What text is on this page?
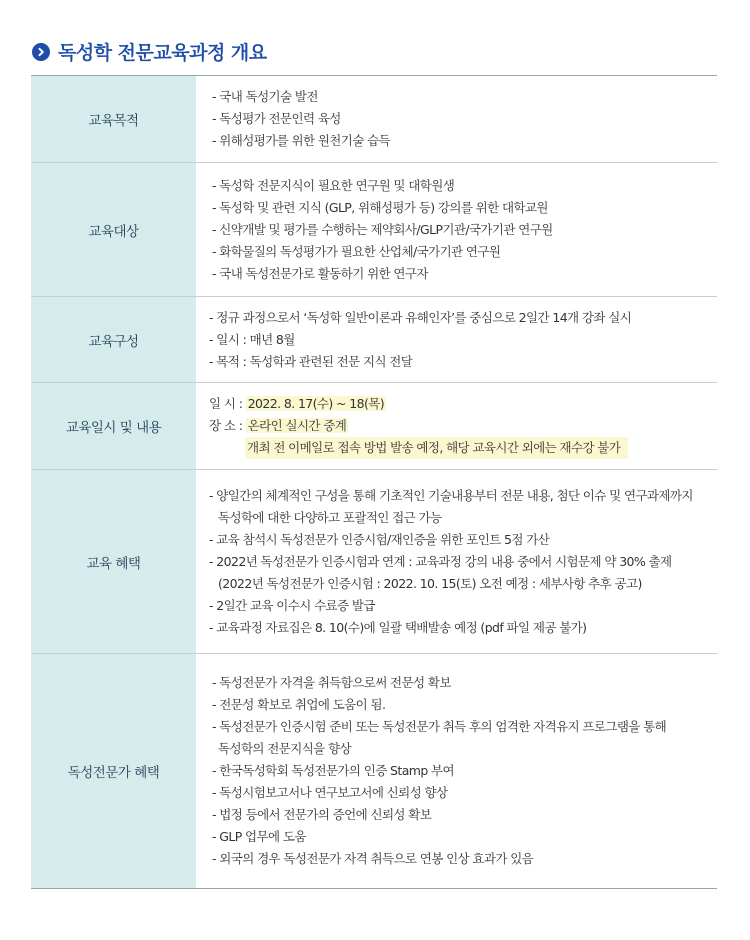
독성학 전문교육과정 개요
교육목적
- 국내 독성기술 발전
- 독성평가 전문인력 육성
- 위해성평가를 위한 원천기술 습득
교육대상
- 독성학 전문지식이 필요한 연구원 및 대학원생
- 독성학 및 관련 지식 (GLP, 위해성평가 등) 강의를 위한 대학교원
- 신약개발 및 평가를 수행하는 제약회사/GLP기관/국가기관 연구원
- 화학물질의 독성평가가 필요한 산업체/국가기관 연구원
- 국내 독성전문가로 활동하기 위한 연구자
교육구성
- 정규 과정으로서 ‘독성학 일반이론과 유해인자’를 중심으로 2일간 14개 강좌 실시
- 일시 : 매년 8월
- 목적 : 독성학과 관련된 전문 지식 전달
교육일시 및 내용
일 시 : 2022. 8. 17(수) ~ 18(목)
장 소 : 온라인 실시간 중계
개최 전 이메일로 접속 방법 발송 예정, 해당 교육시간 외에는 재수강 불가
교육 혜택
- 양일간의 체계적인 구성을 통해 기초적인 기술내용부터 전문 내용, 첨단 이슈 및 연구과제까지
독성학에 대한 다양하고 포괄적인 접근 가능
- 교육 참석시 독성전문가 인증시험/재인증을 위한 포인트 5점 가산
- 2022년 독성전문가 인증시험과 연계 : 교육과정 강의 내용 중에서 시험문제 약 30% 출제
(2022년 독성전문가 인증시험 : 2022. 10. 15(토) 오전 예정 : 세부사항 추후 공고)
- 2일간 교육 이수시 수료증 발급
- 교육과정 자료집은 8. 10(수)에 일괄 택배발송 예정 (pdf 파일 제공 불가)
독성전문가 혜택
- 독성전문가 자격을 취득함으로써 전문성 확보
- 전문성 확보로 취업에 도움이 됨.
- 독성전문가 인증시험 준비 또는 독성전문가 취득 후의 엄격한 자격유지 프로그램을 통해
독성학의 전문지식을 향상
- 한국독성학회 독성전문가의 인증 Stamp 부여
- 독성시험보고서나 연구보고서에 신뢰성 향상
- 법정 등에서 전문가의 증언에 신뢰성 확보
- GLP 업무에 도움
- 외국의 경우 독성전문가 자격 취득으로 연봉 인상 효과가 있음
